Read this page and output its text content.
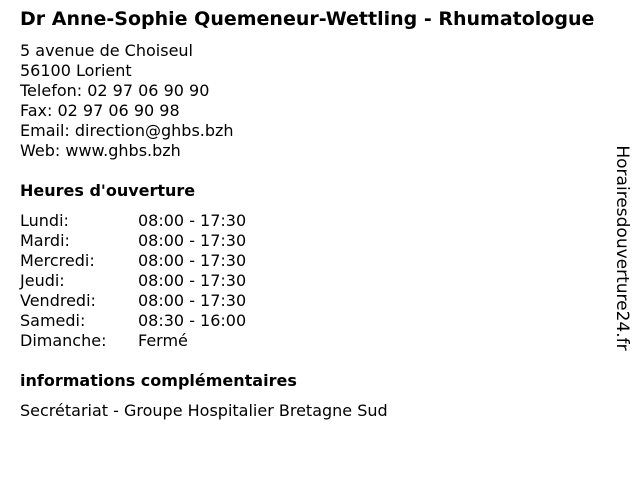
Dr Anne-Sophie Quemeneur-Wettling - Rhumatologue
5 avenue de Choiseul
56100 Lorient
Telefon: 02 97 06 90 90
Fax: 02 97 06 90 98
Email: direction@ghbs.bzh
Web: www.ghbs.bzh
Heures d'ouverture
Lundi:	08:00 - 17:30
Mardi:	08:00 - 17:30
Mercredi:	08:00 - 17:30
Jeudi:	08:00 - 17:30
Vendredi:	08:00 - 17:30
Samedi:	08:30 - 16:00
Dimanche:	Fermé
informations complémentaires
Secrétariat - Groupe Hospitalier Bretagne Sud
Horairesdouverture24.fr
